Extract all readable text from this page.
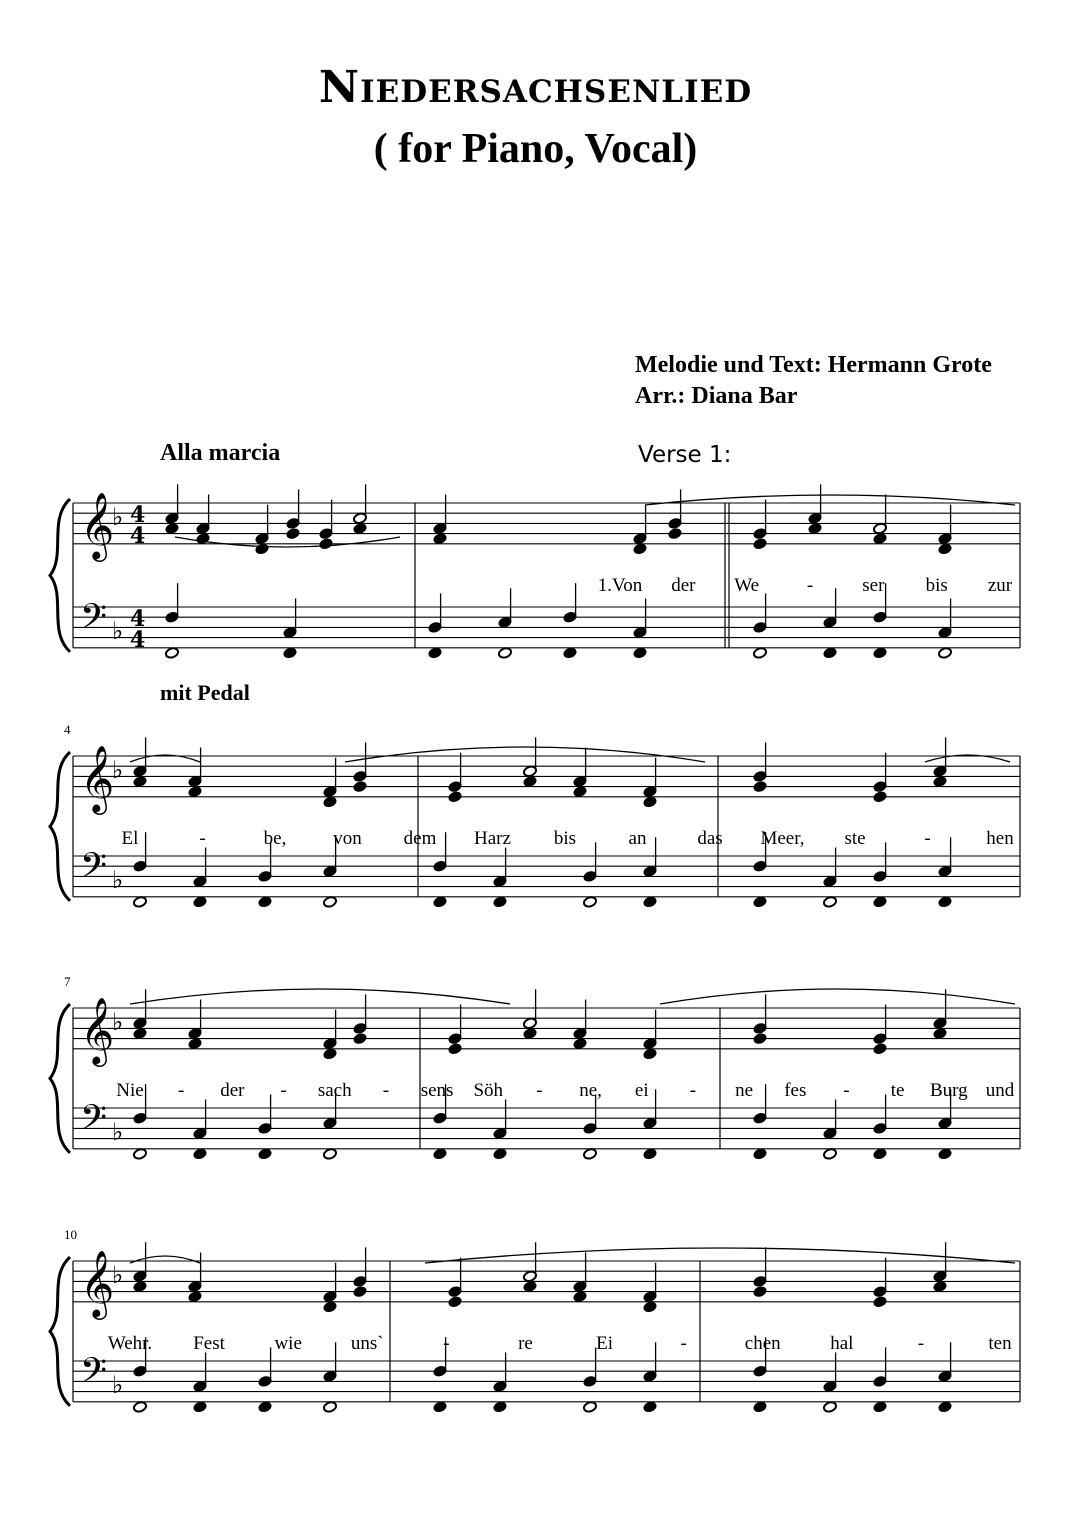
Niedersachsenlied
( for Piano, Vocal)
Melodie und Text: Hermann Grote
Arr.: Diana Bar
Alla marcia	Verse 1:
mit Pedal
𝄞
𝄢
♭
♭
4
4
4
4
1.Von der We	-	ser bis zur
𝄞
𝄢
♭
♭
4
El	-	be, von dem Harz bis	an	das Meer, ste	-	hen
𝄞
𝄢
♭
♭
7
Nie - der - sach - sens Söh - ne, ei - ne fes - te Burg und
𝄞
𝄢
♭
♭
10
Wehr. Fest	wie	uns`	-	re	Ei	-	chen	hal	-	ten
